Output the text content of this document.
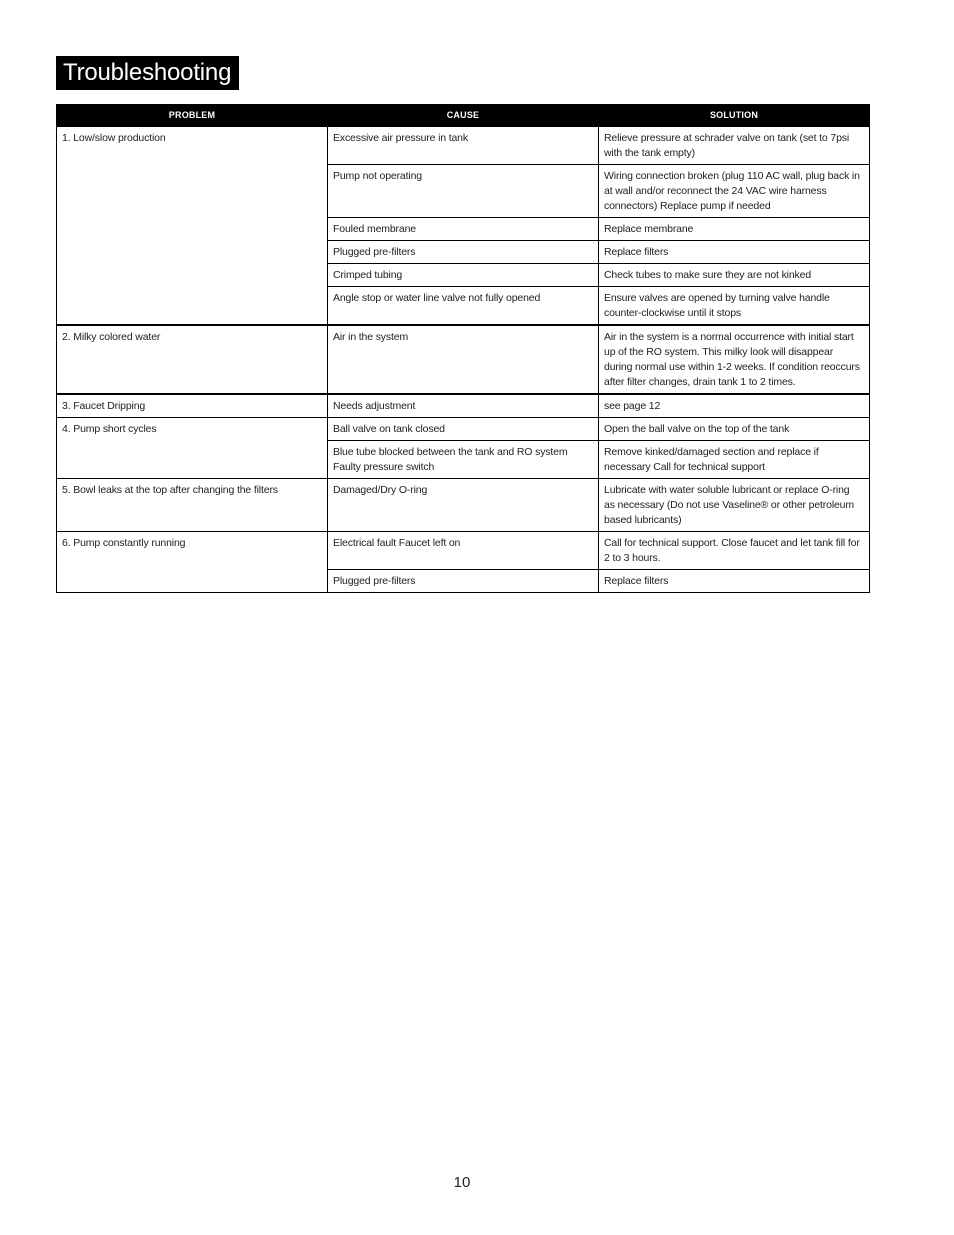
Troubleshooting
PROBLEM	CAUSE	SOLUTION
1. Low/slow production	Excessive air pressure in tank	Relieve pressure at schrader valve on tank (set to 7psi with the tank empty)
	Pump not operating	Wiring connection broken (plug 110 AC wall, plug back in at wall and/or reconnect the 24 VAC wire harness connectors) Replace pump if needed
	Fouled membrane	Replace membrane
	Plugged pre-filters	Replace filters
	Crimped tubing	Check tubes to make sure they are not kinked
	Angle stop or water line valve not fully opened	Ensure valves are opened by turning valve handle counter-clockwise until it stops
2. Milky colored water	Air in the system	Air in the system is a normal occurrence with initial start up of the RO system. This milky look will disappear during normal use within 1-2 weeks. If condition reoccurs after filter changes, drain tank 1 to 2 times.
3. Faucet Dripping	Needs adjustment	see page 12
4. Pump short cycles	Ball valve on tank closed	Open the ball valve on the top of the tank
	Blue tube blocked between the tank and RO system Faulty pressure switch	Remove kinked/damaged section and replace if necessary Call for technical support
5. Bowl leaks at the top after changing the filters	Damaged/Dry O-ring	Lubricate with water soluble lubricant or replace O-ring as necessary (Do not use Vaseline® or other petroleum based lubricants)
6. Pump constantly running	Electrical fault Faucet left on	Call for technical support. Close faucet and let tank fill for 2 to 3 hours.
	Plugged pre-filters	Replace filters
10
